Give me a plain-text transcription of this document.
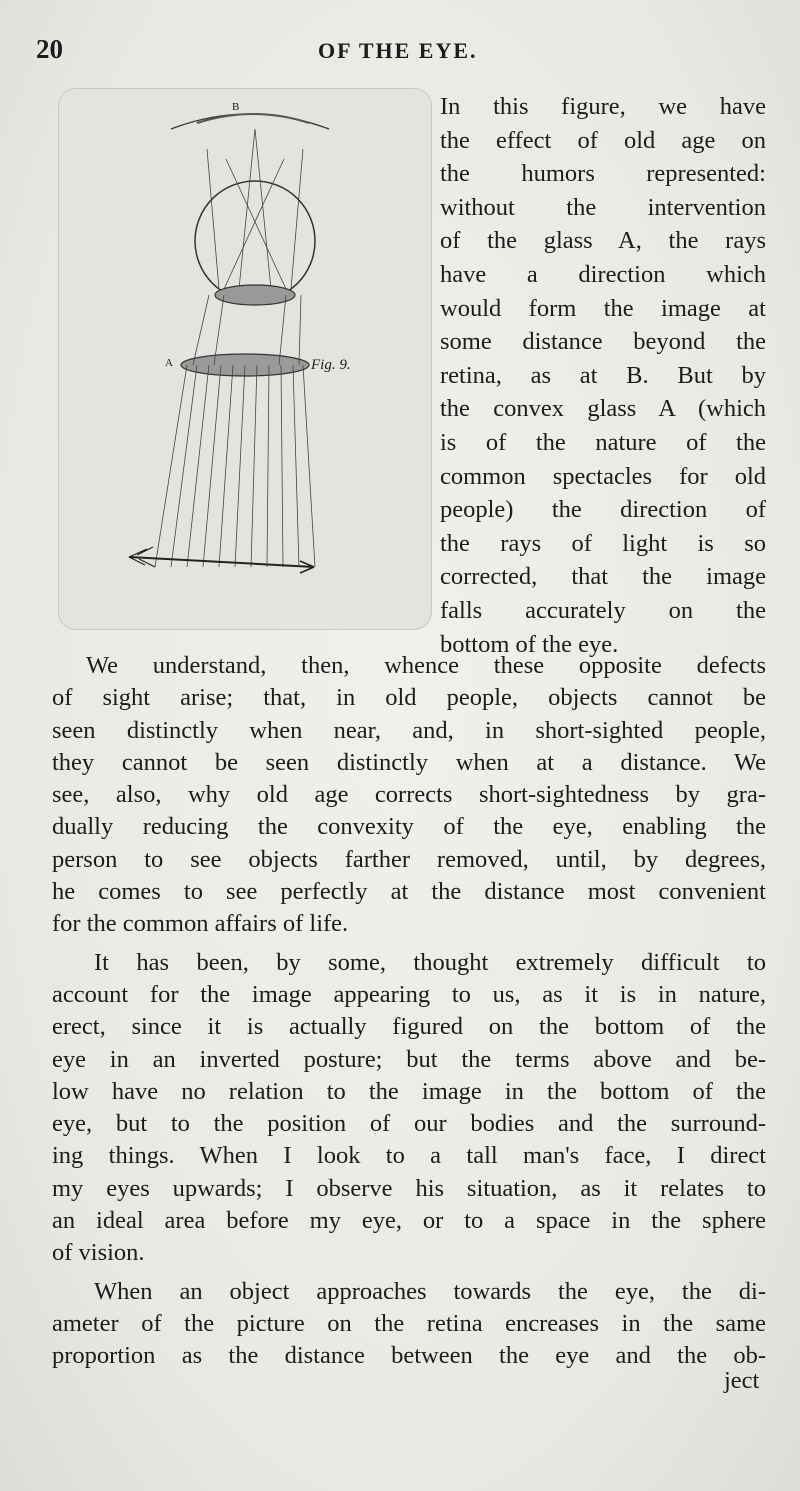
20	OF THE EYE.
B
A	Fig. 9.
In this figure, we have
the effect of old age on
the humors represented:
without the intervention
of the glass A, the rays
have a direction which
would form the image at
some distance beyond the
retina, as at B. But by
the convex glass A (which
is of the nature of the
common spectacles for old
people) the direction of
the rays of light is so
corrected, that the image
falls accurately on the
bottom of the eye.
We understand, then, whence these opposite defects
of sight arise; that, in old people, objects cannot be
seen distinctly when near, and, in short-sighted people,
they cannot be seen distinctly when at a distance. We
see, also, why old age corrects short-sightedness by gra-
dually reducing the convexity of the eye, enabling the
person to see objects farther removed, until, by degrees,
he comes to see perfectly at the distance most convenient
for the common affairs of life.
It has been, by some, thought extremely difficult to
account for the image appearing to us, as it is in nature,
erect, since it is actually figured on the bottom of the
eye in an inverted posture; but the terms above and be-
low have no relation to the image in the bottom of the
eye, but to the position of our bodies and the surround-
ing things. When I look to a tall man's face, I direct
my eyes upwards; I observe his situation, as it relates to
an ideal area before my eye, or to a space in the sphere
of vision.
When an object approaches towards the eye, the di-
ameter of the picture on the retina encreases in the same
proportion as the distance between the eye and the ob-
ject
